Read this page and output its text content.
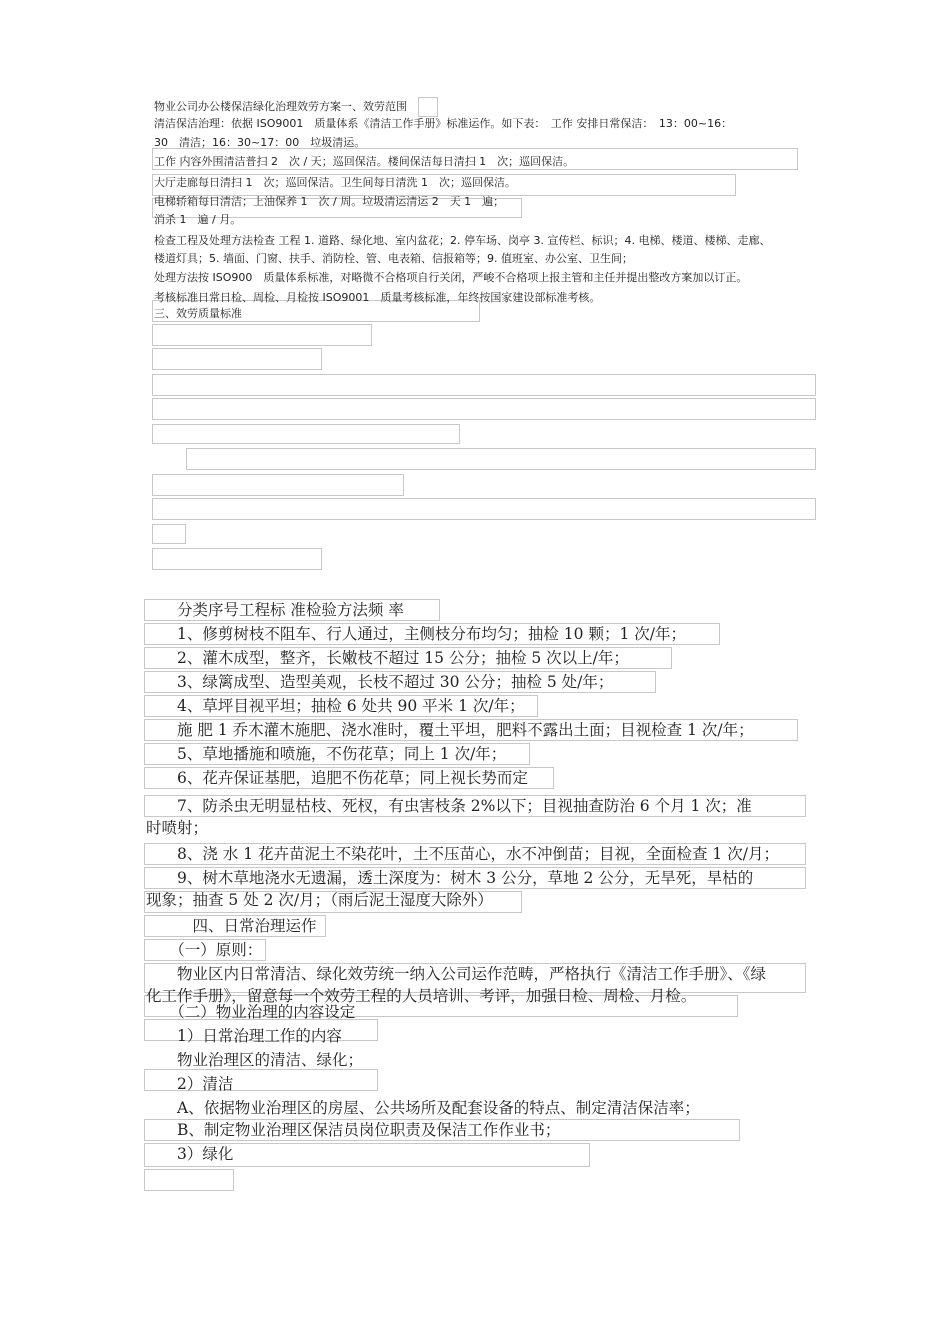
物业公司办公楼保洁绿化治理效劳方案一、效劳范围
清洁保洁治理：依据 ISO9001　质量体系《清洁工作手册》标准运作。如下表：　工作 安排日常保洁：　13：00~16：
30　清洁；16：30~17：00　垃圾清运。
工作 内容外围清洁普扫 2　次 / 天；巡回保洁。楼间保洁每日清扫 1　次；巡回保洁。
大厅走廊每日清扫 1　次；巡回保洁。卫生间每日清洗 1　次；巡回保洁。
电梯轿箱每日清洁；上油保养 1　次 / 周。垃圾清运清运 2　天 1　遍；
消杀 1　遍 / 月。
检查工程及处理方法检查 工程 1. 道路、绿化地、室内盆花；2. 停车场、岗亭 3. 宣传栏、标识；4. 电梯、楼道、楼梯、走廊、
楼道灯具；5. 墙面、门窗、扶手、消防栓、管、电表箱、信报箱等；9. 值班室、办公室、卫生间；
处理方法按 ISO900　质量体系标准，对略微不合格项自行关闭，严峻不合格项上报主管和主任并提出整改方案加以订正。
考核标准日常日检、周检、月检按 ISO9001　质量考核标准，年终按国家建设部标准考核。
三、效劳质量标准
　　分类序号工程标 准检验方法频 率
　　1、修剪树枝不阻车、行人通过，主侧枝分布均匀；抽检 10 颗；1 次/年；
　　2、灌木成型，整齐，长嫩枝不超过 15 公分；抽检 5 次以上/年；
　　3、绿篱成型、造型美观，长枝不超过 30 公分；抽检 5 处/年；
　　4、草坪目视平坦；抽检 6 处共 90 平米 1 次/年；
　　施 肥 1 乔木灌木施肥、浇水准时，覆土平坦，肥料不露出土面；目视检查 1 次/年；
　　5、草地播施和喷施，不伤花草；同上 1 次/年；
　　6、花卉保证基肥，追肥不伤花草；同上视长势而定
　　7、防杀虫无明显枯枝、死杈，有虫害枝条 2%以下；目视抽查防治 6 个月 1 次；准
时喷射；
　　8、浇 水 1 花卉苗泥土不染花叶，土不压苗心，水不冲倒苗；目视，全面检查 1 次/月；
　　9、树木草地浇水无遗漏，透土深度为：树木 3 公分，草地 2 公分，无旱死，旱枯的
现象；抽查 5 处 2 次/月；（雨后泥土湿度大除外）
　　　四、日常治理运作
　　（一）原则：
　　物业区内日常清洁、绿化效劳统一纳入公司运作范畴，严格执行《清洁工作手册》、《绿
化工作手册》，留意每一个效劳工程的人员培训、考评，加强日检、周检、月检。
　　（二）物业治理的内容设定
　　1）日常治理工作的内容
　　物业治理区的清洁、绿化；
　　2）清洁
　　A、依据物业治理区的房屋、公共场所及配套设备的特点、制定清洁保洁率；
　　B、制定物业治理区保洁员岗位职责及保洁工作作业书；
　　3）绿化
